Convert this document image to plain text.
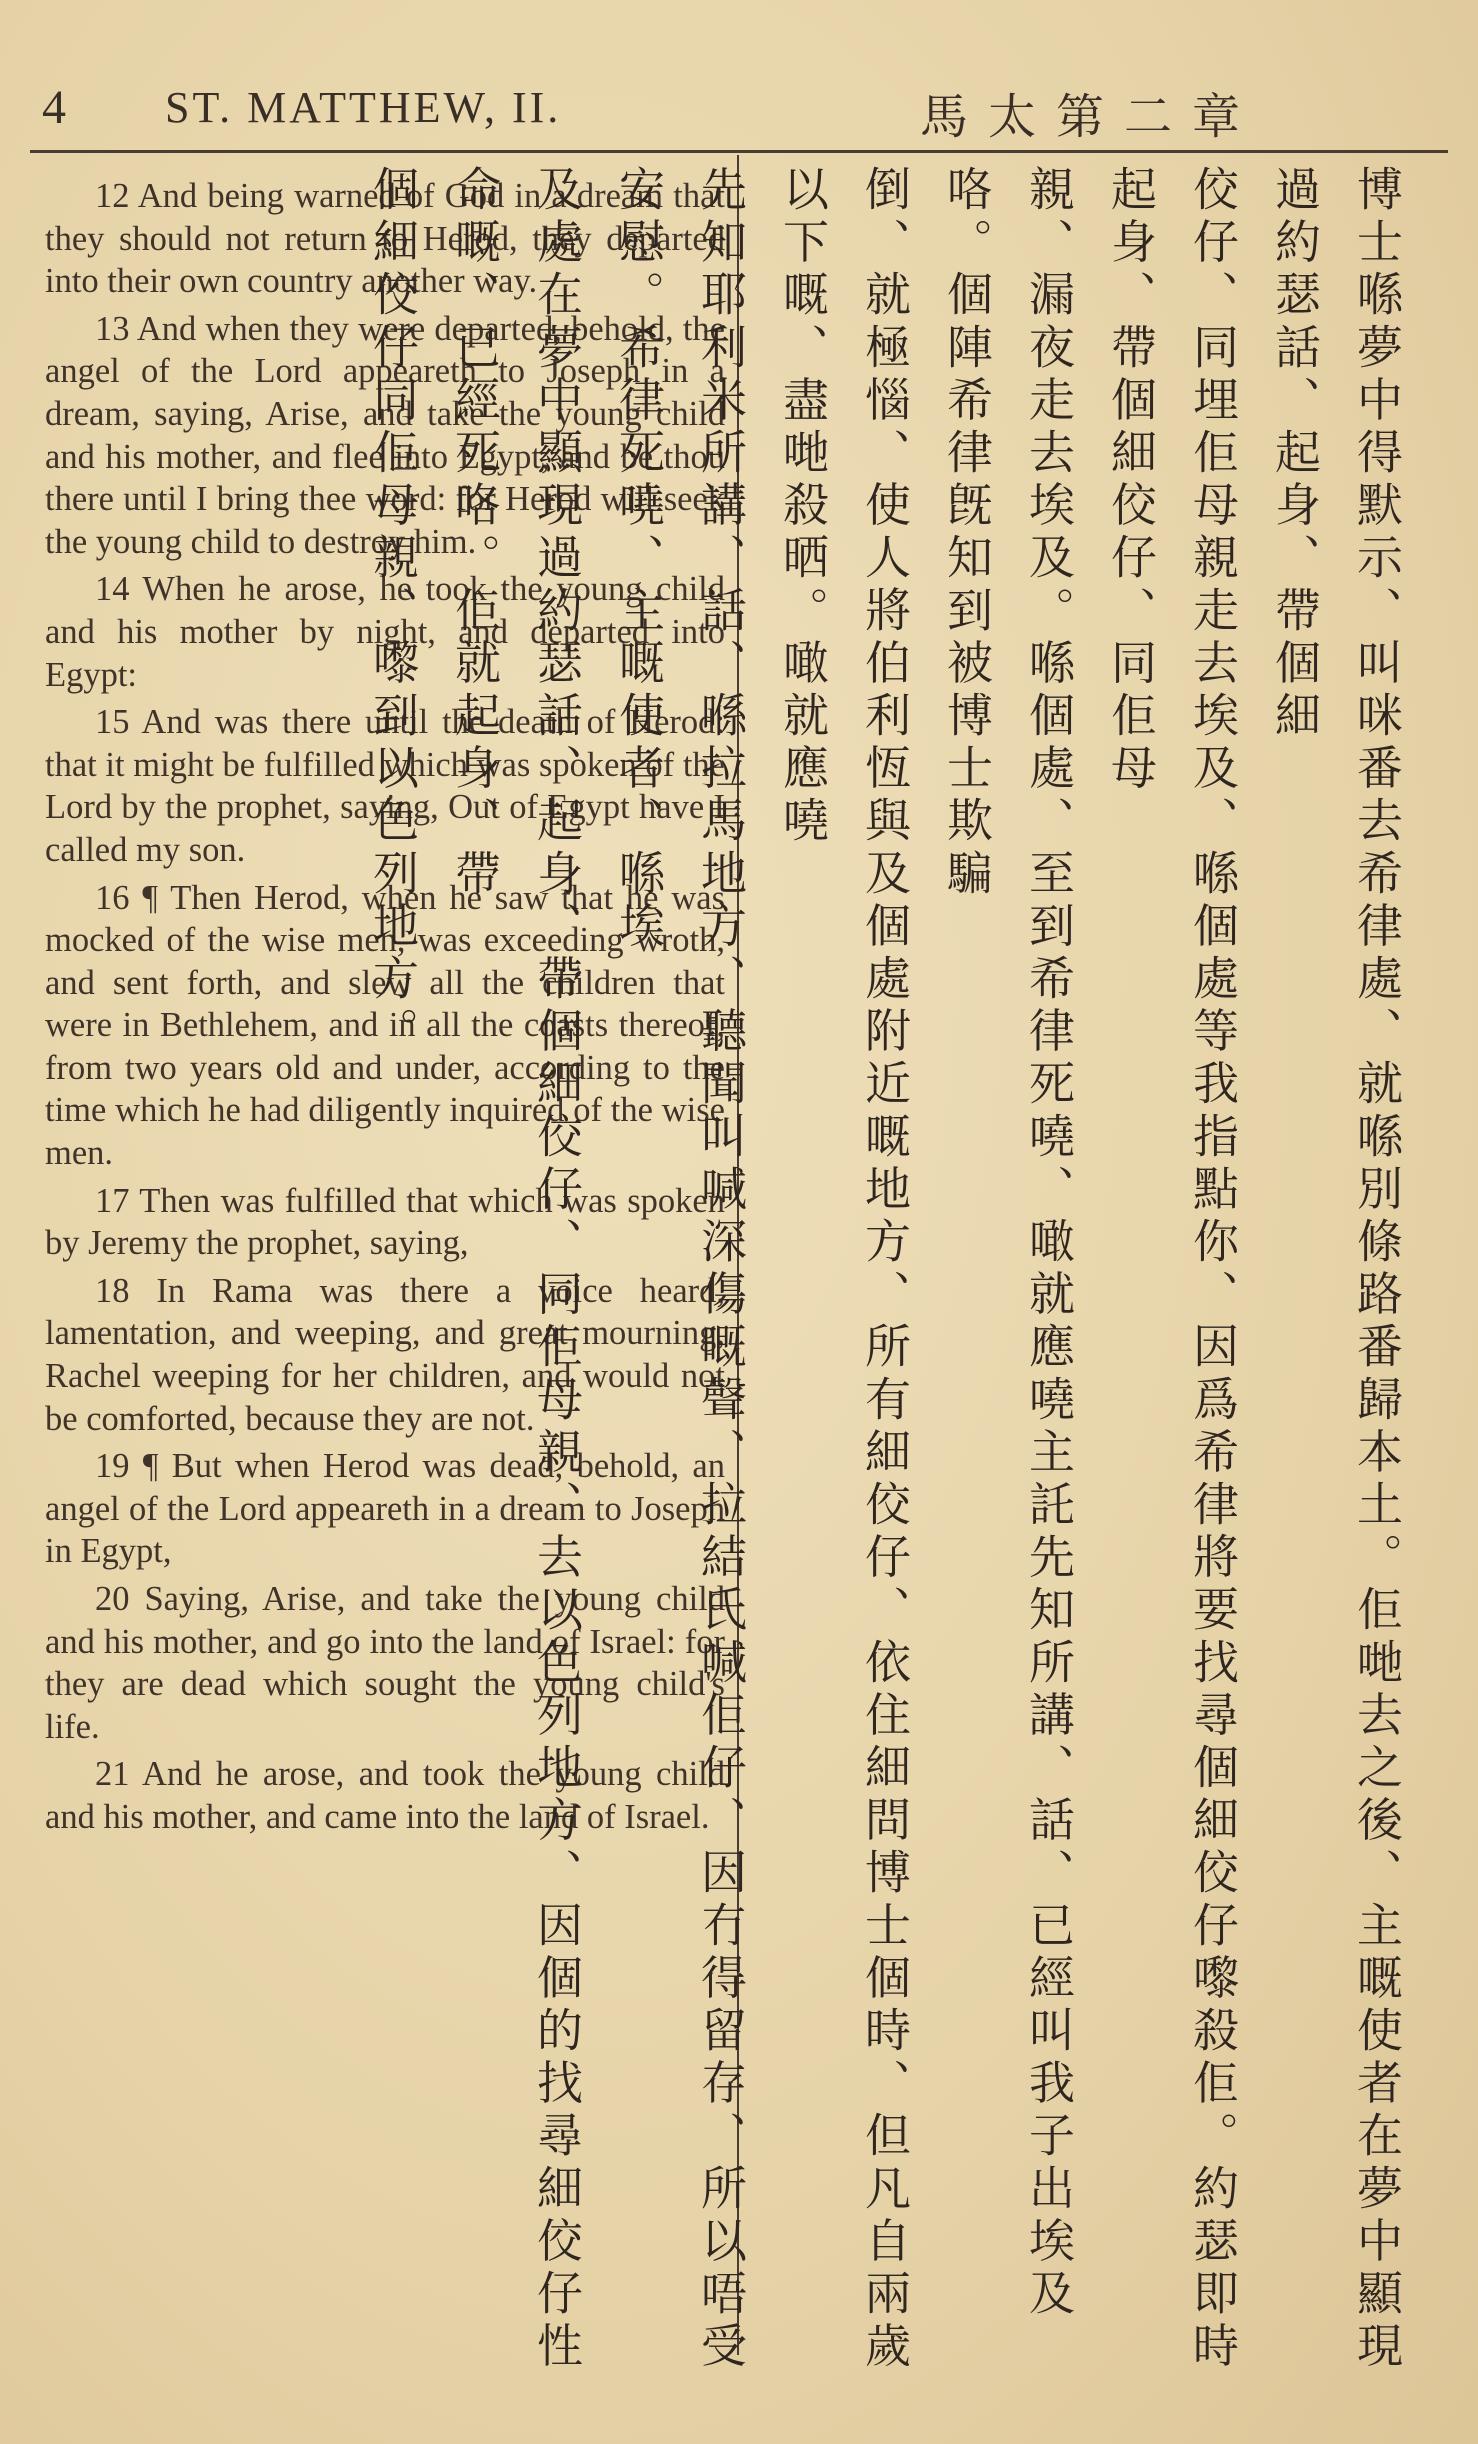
4 ST. MATTHEW, II.	馬太第二章

12 And being warned of God in a dream that they should not return to Herod, they departed into their own country another way.

13 And when they were departed, behold, the angel of the Lord appeareth to Joseph in a dream, saying, Arise, and take the young child and his mother, and flee into Egypt, and be thou there until I bring thee word: for Herod will seek the young child to destroy him.

14 When he arose, he took the young child and his mother by night, and departed into Egypt:

15 And was there until the death of Herod: that it might be fulfilled which was spoken of the Lord by the prophet, saying, Out of Egypt have I called my son.

16 ¶ Then Herod, when he saw that he was mocked of the wise men, was exceeding wroth, and sent forth, and slew all the children that were in Bethlehem, and in all the coasts thereof, from two years old and under, according to the time which he had diligently inquired of the wise men.

17 Then was fulfilled that which was spoken by Jeremy the prophet, saying,

18 In Rama was there a voice heard, lamentation, and weeping, and great mourning, Rachel weeping for her children, and would not be comforted, because they are not.

19 ¶ But when Herod was dead, behold, an angel of the Lord appeareth in a dream to Joseph in Egypt,

20 Saying, Arise, and take the young child and his mother, and go into the land of Israel: for they are dead which sought the young child's life.

21 And he arose, and took the young child and his mother, and came into the land of Israel.	博士喺夢中得默示、叫咪番去希律處、就喺別條路番歸本土。佢哋去之後、主嘅使者在夢中顯現過約瑟話、起身、帶個細
佼仔、同埋佢母親走去埃及、喺個處等我指點你、因爲希律將要找尋個細佼仔嚟殺佢。約瑟即時起身、帶個細佼仔、同佢母
親、漏夜走去埃及。喺個處、至到希律死嘵、噉就應嘵主託先知所講、話、已經叫我子出埃及咯。個陣希律旣知到被博士欺騙
倒、就極惱、使人將伯利恆與及個處附近嘅地方、所有細佼仔、依住細問博士個時、但凡自兩歲以下嘅、盡哋殺晒。噉就應嘵
先知耶利米所講、話、喺拉馬地方、聽聞叫喊深傷嘅聲、拉結氏喊佢仔、因冇得留存、所以唔受安慰。希律死嘵、主嘅使者、喺埃
及處在夢中顯現過約瑟話、起身、帶個細佼仔、同佢母親、去以色列地方、因個的找尋細佼仔性命嘅、已經死咯。佢就起身、帶
個細佼仔同佢母親、嚟到以色列地方。
